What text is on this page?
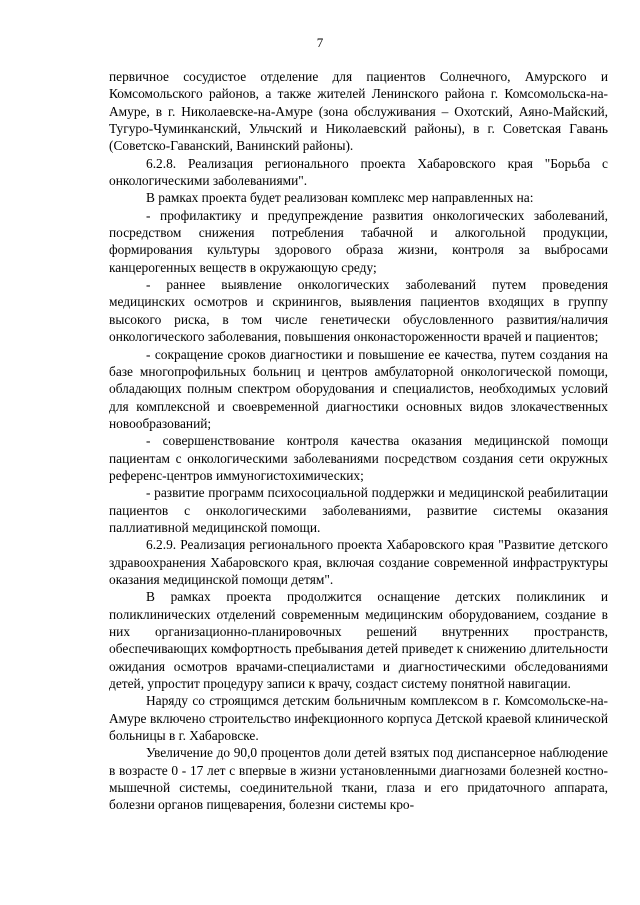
7

первичное сосудистое отделение для пациентов Солнечного, Амурского и Комсомольского районов, а также жителей Ленинского района г. Комсомольска-на-Амуре, в г. Николаевске-на-Амуре (зона обслуживания – Охотский, Аяно-Майский, Тугуро-Чуминканский, Ульчский и Николаевский районы), в г. Советская Гавань (Советско-Гаванский, Ванинский районы).

6.2.8. Реализация регионального проекта Хабаровского края "Борьба с онкологическими заболеваниями".

В рамках проекта будет реализован комплекс мер направленных на:

- профилактику и предупреждение развития онкологических заболеваний, посредством снижения потребления табачной и алкогольной продукции, формирования культуры здорового образа жизни, контроля за выбросами канцерогенных веществ в окружающую среду;

- раннее выявление онкологических заболеваний путем проведения медицинских осмотров и скринингов, выявления пациентов входящих в группу высокого риска, в том числе генетически обусловленного развития/наличия онкологического заболевания, повышения онконастороженности врачей и пациентов;

- сокращение сроков диагностики и повышение ее качества, путем создания на базе многопрофильных больниц и центров амбулаторной онкологической помощи, обладающих полным спектром оборудования и специалистов, необходимых условий для комплексной и своевременной диагностики основных видов злокачественных новообразований;

- совершенствование контроля качества оказания медицинской помощи пациентам с онкологическими заболеваниями посредством создания сети окружных референс-центров иммуногистохимических;

- развитие программ психосоциальной поддержки и медицинской реабилитации пациентов с онкологическими заболеваниями, развитие системы оказания паллиативной медицинской помощи.

6.2.9. Реализация регионального проекта Хабаровского края "Развитие детского здравоохранения Хабаровского края, включая создание современной инфраструктуры оказания медицинской помощи детям".

В рамках проекта продолжится оснащение детских поликлиник и поликлинических отделений современным медицинским оборудованием, создание в них организационно-планировочных решений внутренних пространств, обеспечивающих комфортность пребывания детей приведет к снижению длительности ожидания осмотров врачами-специалистами и диагностическими обследованиями детей, упростит процедуру записи к врачу, создаст систему понятной навигации.

Наряду со строящимся детским больничным комплексом в г. Комсомольске-на-Амуре включено строительство инфекционного корпуса Детской краевой клинической больницы в г. Хабаровске.

Увеличение до 90,0 процентов доли детей взятых под диспансерное наблюдение в возрасте 0 - 17 лет с впервые в жизни установленными диагнозами болезней костно-мышечной системы, соединительной ткани, глаза и его придаточного аппарата, болезни органов пищеварения, болезни системы кро-
